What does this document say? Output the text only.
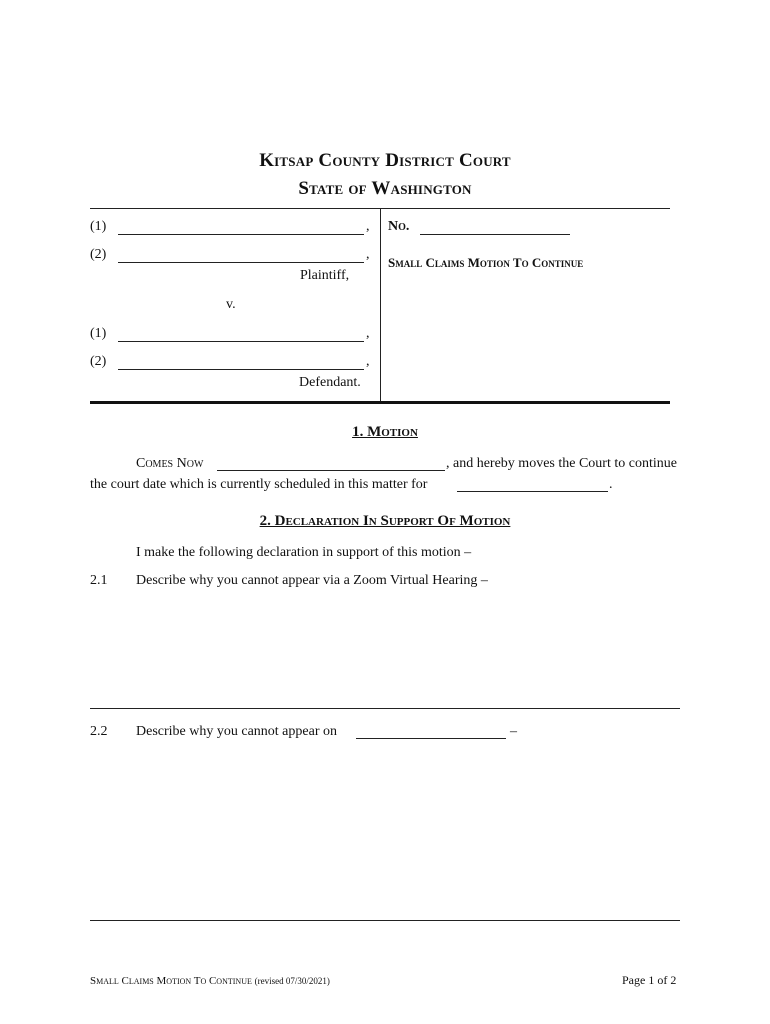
Kitsap County District Court
State of Washington
(1)	,
(2)	,
Plaintiff,
v.
(1)	,
(2)	,
Defendant.
No.
Small Claims Motion To Continue
1. Motion
Comes Now	, and hereby moves the Court to continue
the court date which is currently scheduled in this matter for	.
2. Declaration In Support Of Motion
I make the following declaration in support of this motion –
2.1 Describe why you cannot appear via a Zoom Virtual Hearing –
2.2 Describe why you cannot appear on	–
Small Claims Motion To Continue (revised 07/30/2021)	Page 1 of 2
